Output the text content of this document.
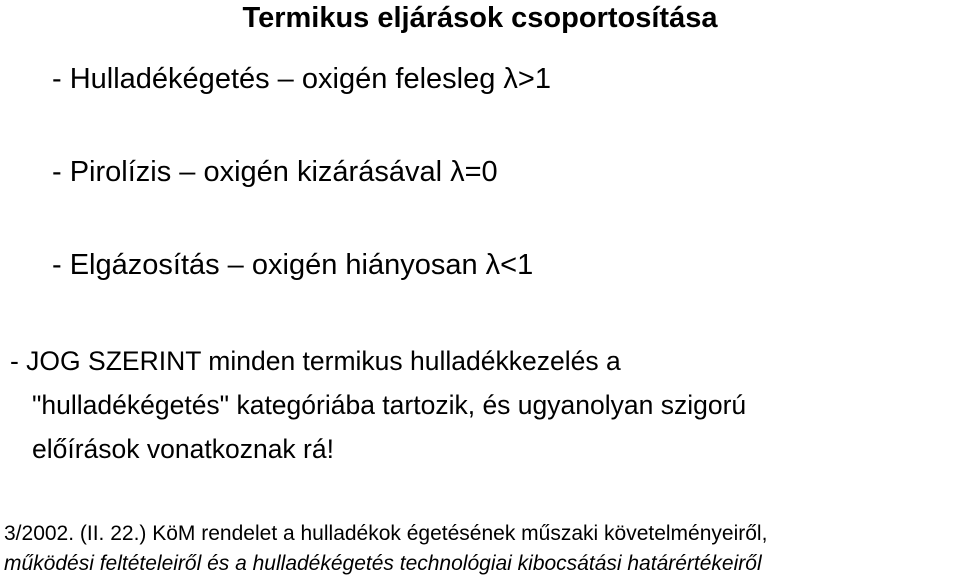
Termikus eljárások csoportosítása
- Hulladékégetés – oxigén felesleg λ>1
- Pirolízis – oxigén kizárásával λ=0
- Elgázosítás – oxigén hiányosan λ<1
- JOG SZERINT minden termikus hulladékkezelés a
"hulladékégetés" kategóriába tartozik, és ugyanolyan szigorú
előírások vonatkoznak rá!
3/2002. (II. 22.) KöM rendelet a hulladékok égetésének műszaki követelményeiről,
működési feltételeiről és a hulladékégetés technológiai kibocsátási határértékeiről
